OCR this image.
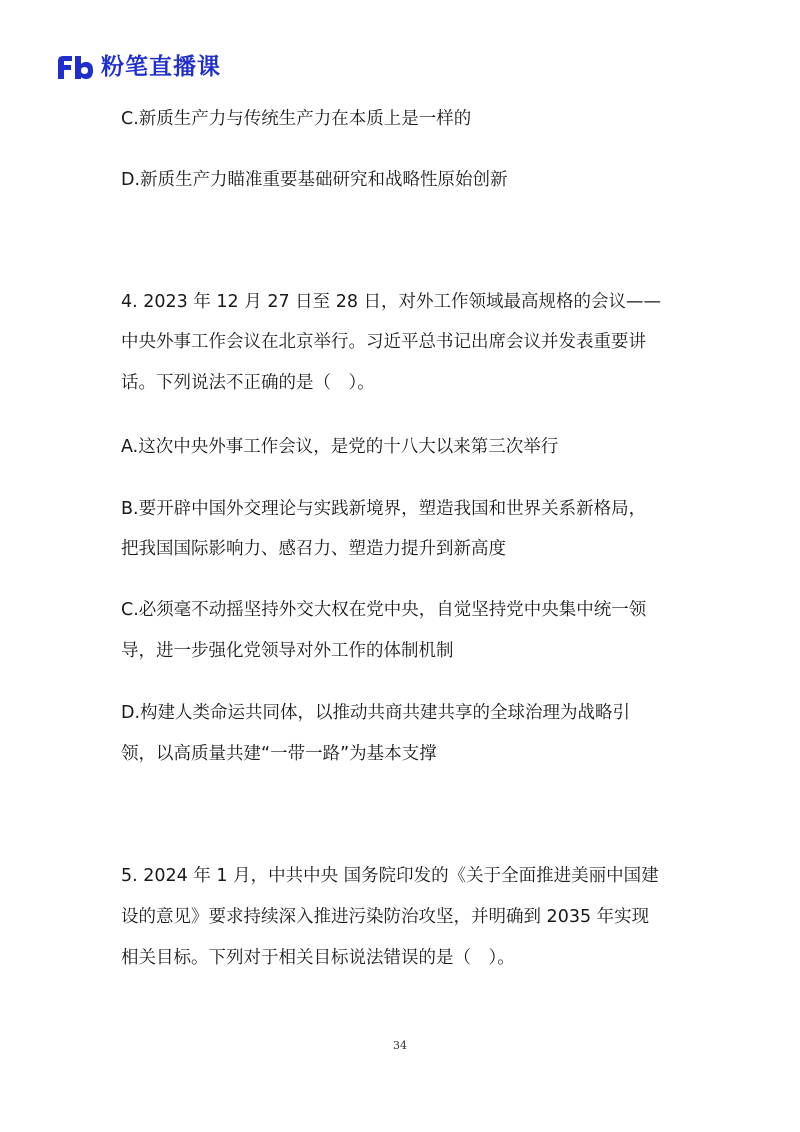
粉笔直播课
C.新质生产力与传统生产力在本质上是一样的
D.新质生产力瞄准重要基础研究和战略性原始创新
4. 2023 年 12 月 27 日至 28 日，对外工作领域最高规格的会议——
中央外事工作会议在北京举行。习近平总书记出席会议并发表重要讲
话。下列说法不正确的是（　）。
A.这次中央外事工作会议，是党的十八大以来第三次举行
B.要开辟中国外交理论与实践新境界，塑造我国和世界关系新格局，
把我国国际影响力、感召力、塑造力提升到新高度
C.必须毫不动摇坚持外交大权在党中央，自觉坚持党中央集中统一领
导，进一步强化党领导对外工作的体制机制
D.构建人类命运共同体，以推动共商共建共享的全球治理为战略引
领，以高质量共建“一带一路”为基本支撑
5. 2024 年 1 月，中共中央 国务院印发的《关于全面推进美丽中国建
设的意见》要求持续深入推进污染防治攻坚，并明确到 2035 年实现
相关目标。下列对于相关目标说法错误的是（　）。
34
